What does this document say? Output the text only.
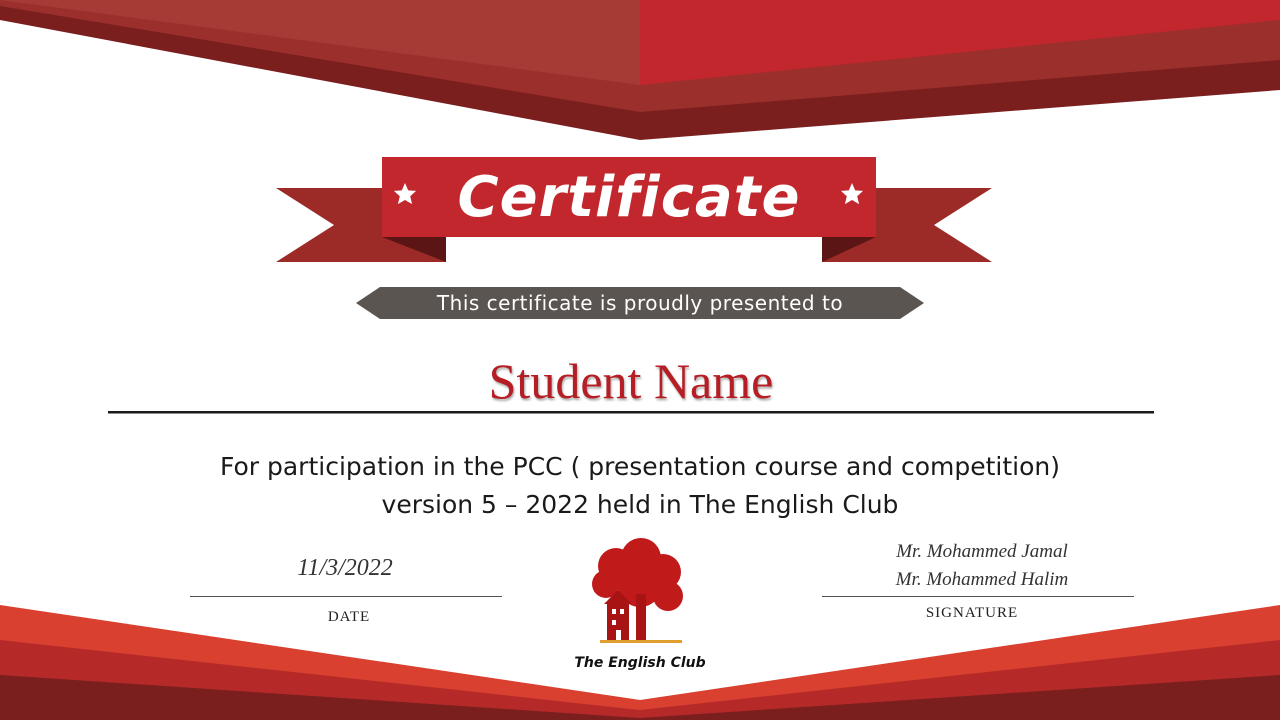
Certificate
This certificate is proudly presented to
Student Name
For participation in the PCC ( presentation course and competition)
version 5 – 2022 held in The English Club
11/3/2022
DATE
Mr. Mohammed Jamal
Mr. Mohammed Halim
SIGNATURE
The English Club
